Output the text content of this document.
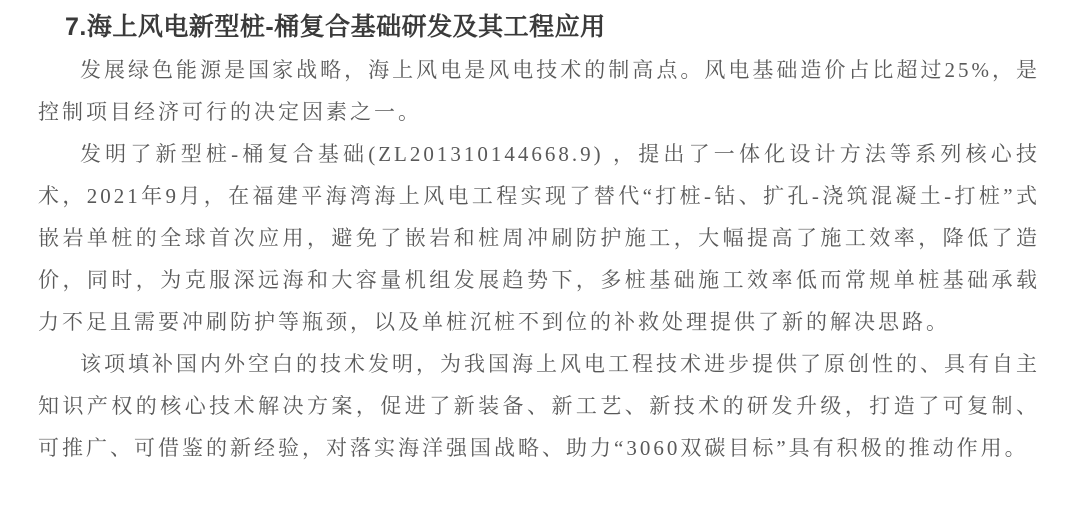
7.海上风电新型桩-桶复合基础研发及其工程应用

发展绿色能源是国家战略，海上风电是风电技术的制高点。风电基础造价占比超过25%，是控制项目经济可行的决定因素之一。

发明了新型桩-桶复合基础(ZL201310144668.9) ，提出了一体化设计方法等系列核心技术，2021年9月，在福建平海湾海上风电工程实现了替代“打桩-钻、扩孔-浇筑混凝土-打桩”式嵌岩单桩的全球首次应用，避免了嵌岩和桩周冲刷防护施工，大幅提高了施工效率，降低了造价，同时，为克服深远海和大容量机组发展趋势下，多桩基础施工效率低而常规单桩基础承载力不足且需要冲刷防护等瓶颈，以及单桩沉桩不到位的补救处理提供了新的解决思路。

该项填补国内外空白的技术发明，为我国海上风电工程技术进步提供了原创性的、具有自主知识产权的核心技术解决方案，促进了新装备、新工艺、新技术的研发升级，打造了可复制、可推广、可借鉴的新经验，对落实海洋强国战略、助力“3060双碳目标”具有积极的推动作用。
